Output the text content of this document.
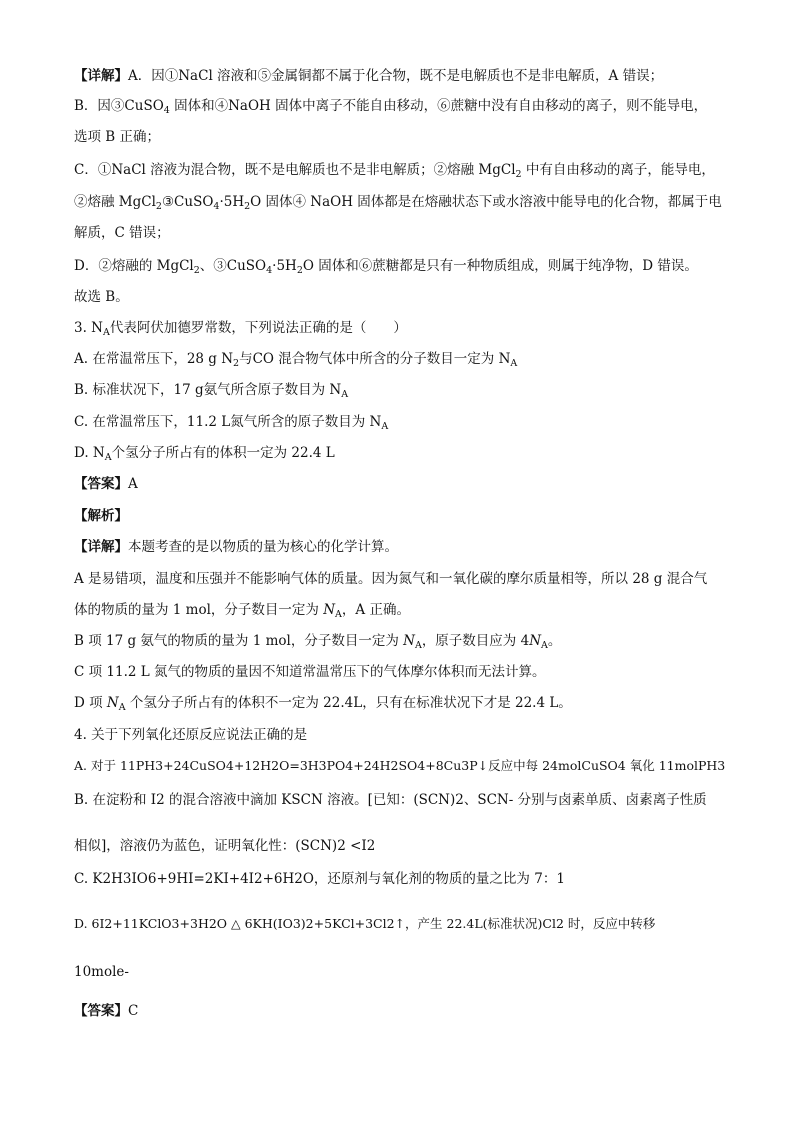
【详解】A．因①NaCl 溶液和⑤金属铜都不属于化合物，既不是电解质也不是非电解质，A 错误；
B．因③CuSO$_4$ 固体和④NaOH 固体中离子不能自由移动，⑥蔗糖中没有自由移动的离子，则不能导电，
选项 B 正确；
C．①NaCl 溶液为混合物，既不是电解质也不是非电解质；②熔融 MgCl$_2$ 中有自由移动的离子，能导电，
②熔融 $MgCl_2③CuSO_4\cdot 5H_2O$ 固体④ NaOH 固体都是在熔融状态下或水溶液中能导电的化合物，都属于电
解质，C 错误；
D．②熔融的 MgCl$_2$、$③CuSO_4\cdot 5H_2O$ 固体和⑥蔗糖都是只有一种物质组成，则属于纯净物，D 错误。
故选 B。
3. $N_A$代表阿伏加德罗常数，下列说法正确的是（　　）
A. 在常温常压下，28 g $N_2$与CO 混合物气体中所含的分子数目一定为 $N_A$
B. 标准状况下，17 g氨气所含原子数目为 $N_A$
C. 在常温常压下，11.2 L氮气所含的原子数目为 $N_A$
D. $N_A$个氢分子所占有的体积一定为 22.4 L
【答案】A
【解析】
【详解】本题考查的是以物质的量为核心的化学计算。
A 是易错项，温度和压强并不能影响气体的质量。因为氮气和一氧化碳的摩尔质量相等，所以 28 g 混合气
体的物质的量为 1 mol，分子数目一定为 $N_A$，A 正确。
B 项 17 g 氨气的物质的量为 1 mol，分子数目一定为 $N_A$，原子数目应为 $4N_A$。
C 项 11.2 L 氮气的物质的量因不知道常温常压下的气体摩尔体积而无法计算。
D 项 $N_A$ 个氢分子所占有的体积不一定为 22.4L，只有在标准状况下才是 22.4 L。
4. 关于下列氧化还原反应说法正确的是
A. 对于 11PH3+24CuSO4+12H2O=3H3PO4+24H2SO4+8Cu3P↓反应中每 24molCuSO4 氧化 11molPH3
B. 在淀粉和 I2 的混合溶液中滴加 KSCN 溶液。[已知：(SCN)2、SCN- 分别与卤素单质、卤素离子性质
相似]，溶液仍为蓝色，证明氧化性：(SCN)2 <I2
C. K2H3IO6+9HI=2KI+4I2+6H2O，还原剂与氧化剂的物质的量之比为 7：1
D. 6I2+11KClO3+3H2O △ 6KH(IO3)2+5KCl+3Cl2↑，产生 22.4L(标准状况)Cl2 时，反应中转移
10mole-
【答案】C
